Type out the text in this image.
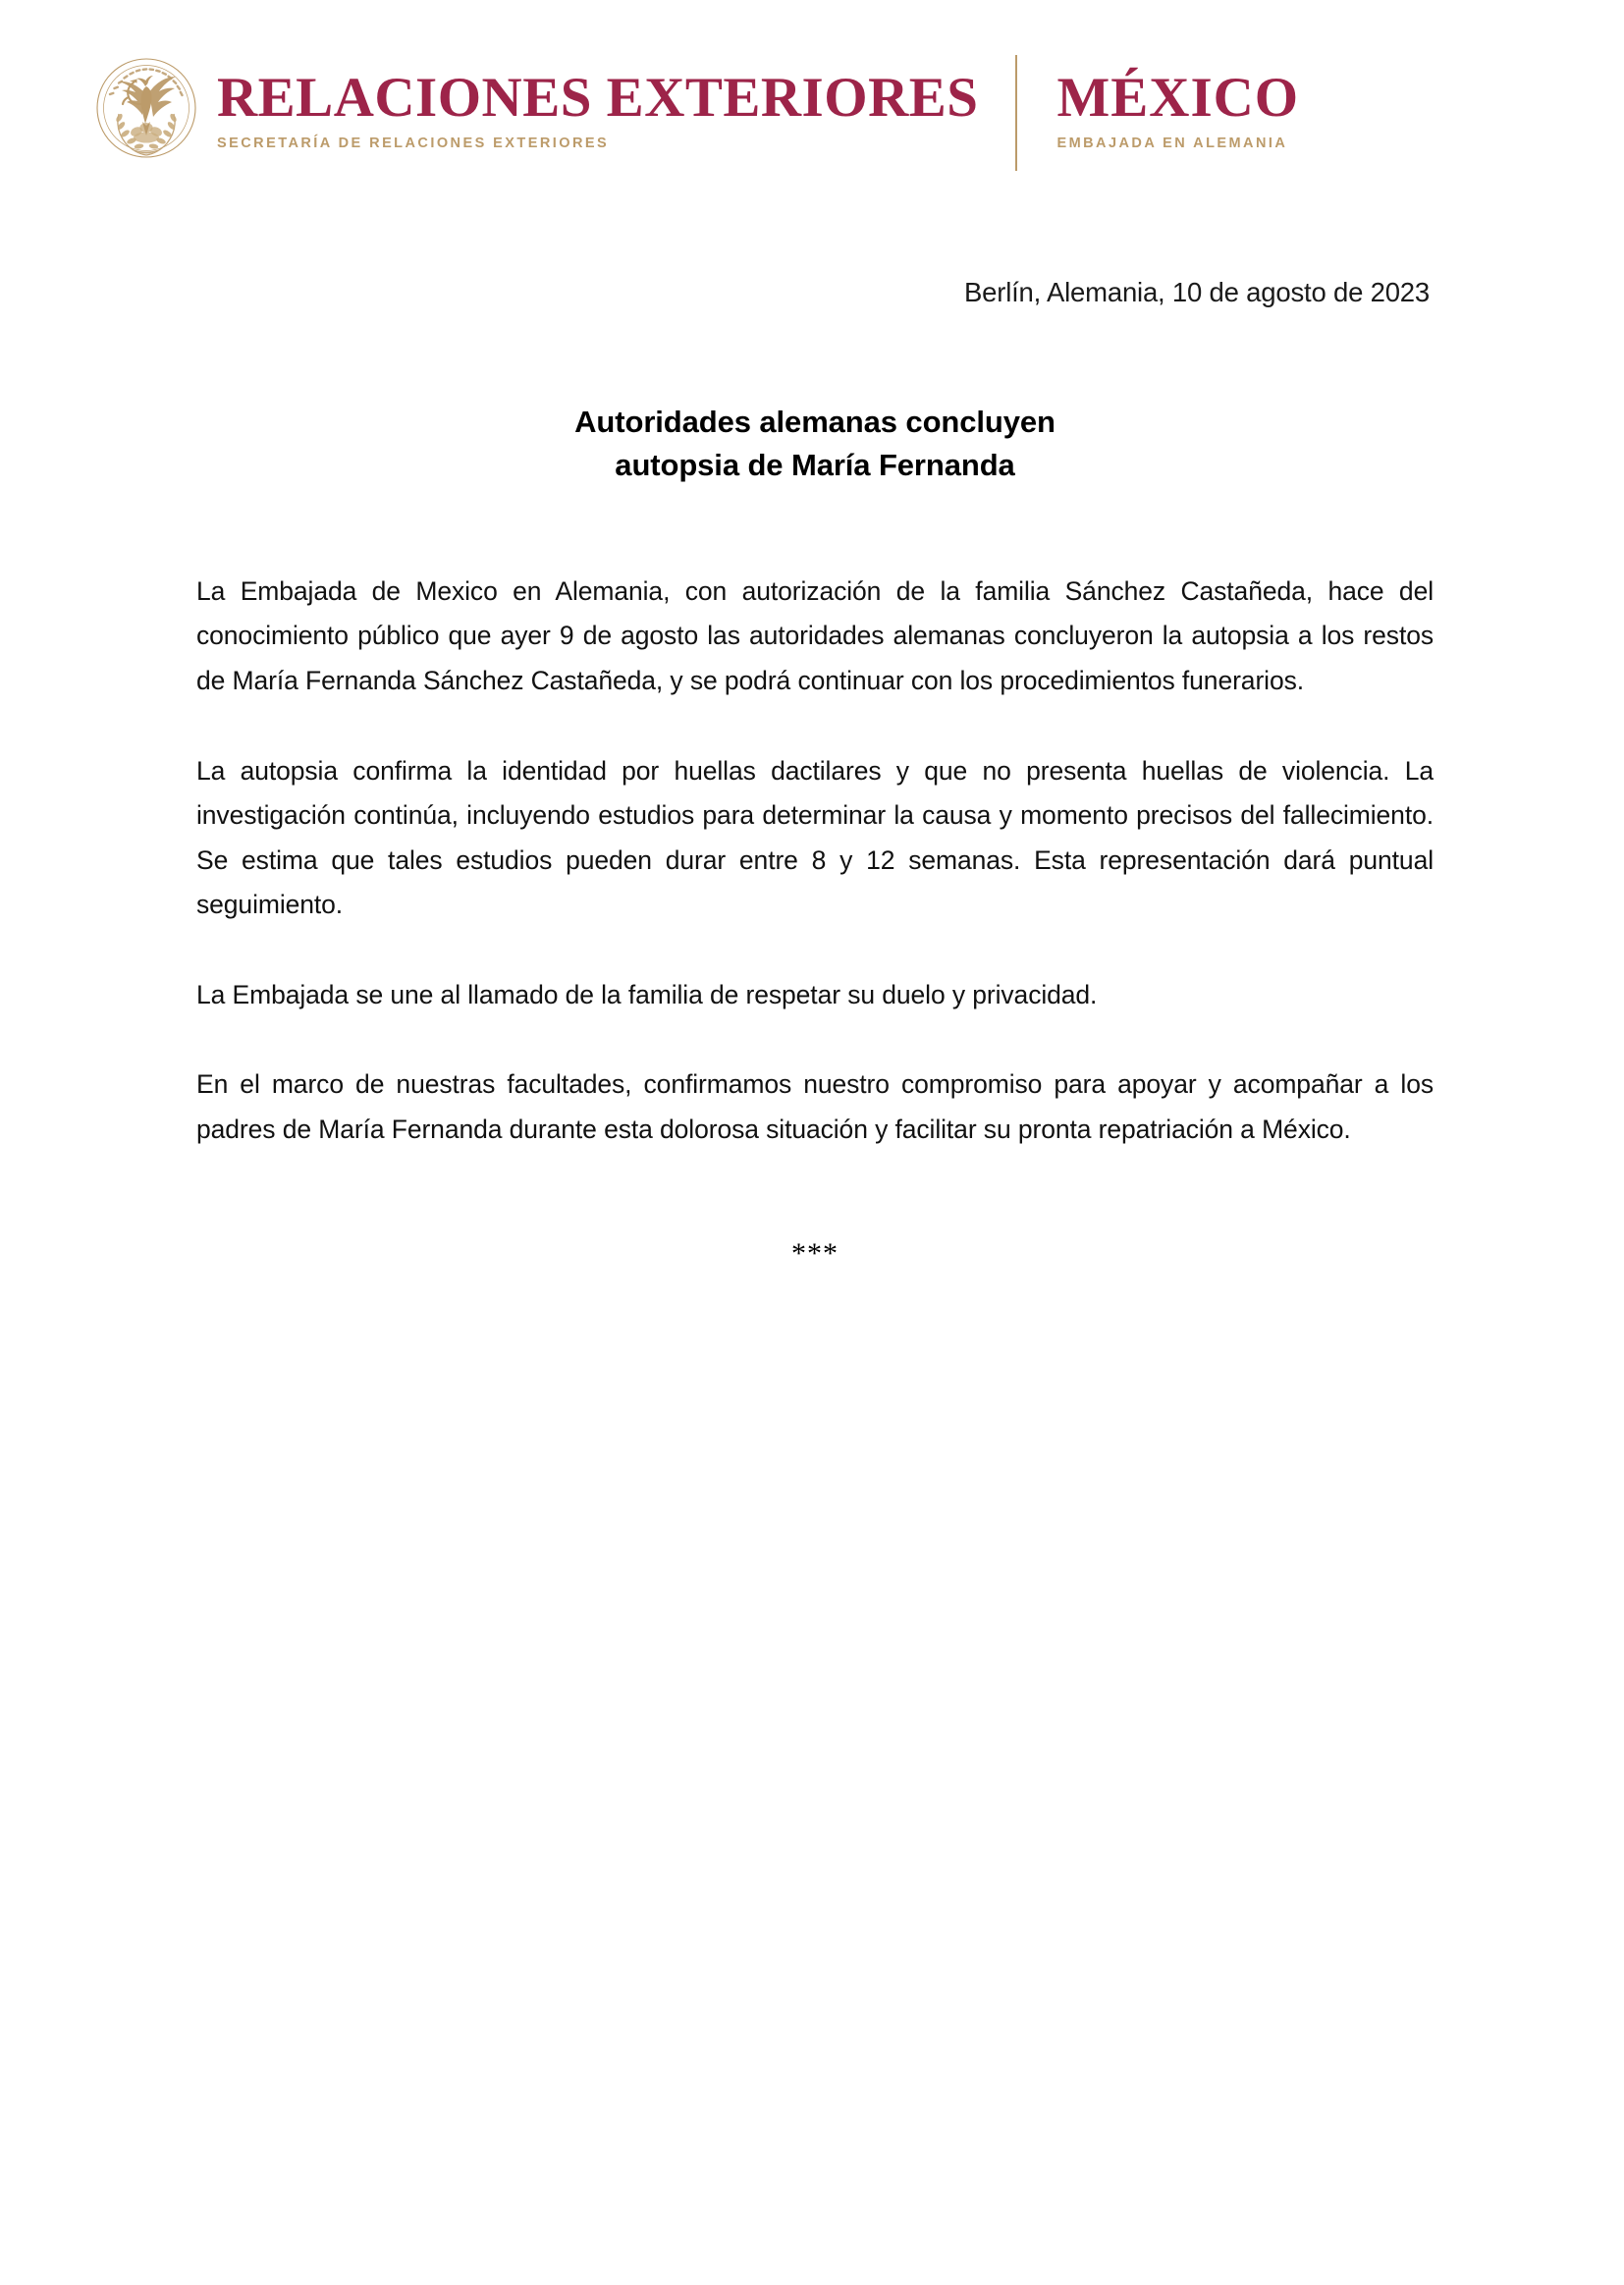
RELACIONES EXTERIORES
SECRETARÍA DE RELACIONES EXTERIORES
MÉXICO
EMBAJADA EN ALEMANIA
Berlín, Alemania, 10 de agosto de 2023
Autoridades alemanas concluyen
autopsia de María Fernanda

La Embajada de Mexico en Alemania, con autorización de la familia Sánchez Castañeda, hace del conocimiento público que ayer 9 de agosto las autoridades alemanas concluyeron la autopsia a los restos de María Fernanda Sánchez Castañeda, y se podrá continuar con los procedimientos funerarios.

La autopsia confirma la identidad por huellas dactilares y que no presenta huellas de violencia. La investigación continúa, incluyendo estudios para determinar la causa y momento precisos del fallecimiento. Se estima que tales estudios pueden durar entre 8 y 12 semanas. Esta representación dará puntual seguimiento.

La Embajada se une al llamado de la familia de respetar su duelo y privacidad.

En el marco de nuestras facultades, confirmamos nuestro compromiso para apoyar y acompañar a los padres de María Fernanda durante esta dolorosa situación y facilitar su pronta repatriación a México.

***
